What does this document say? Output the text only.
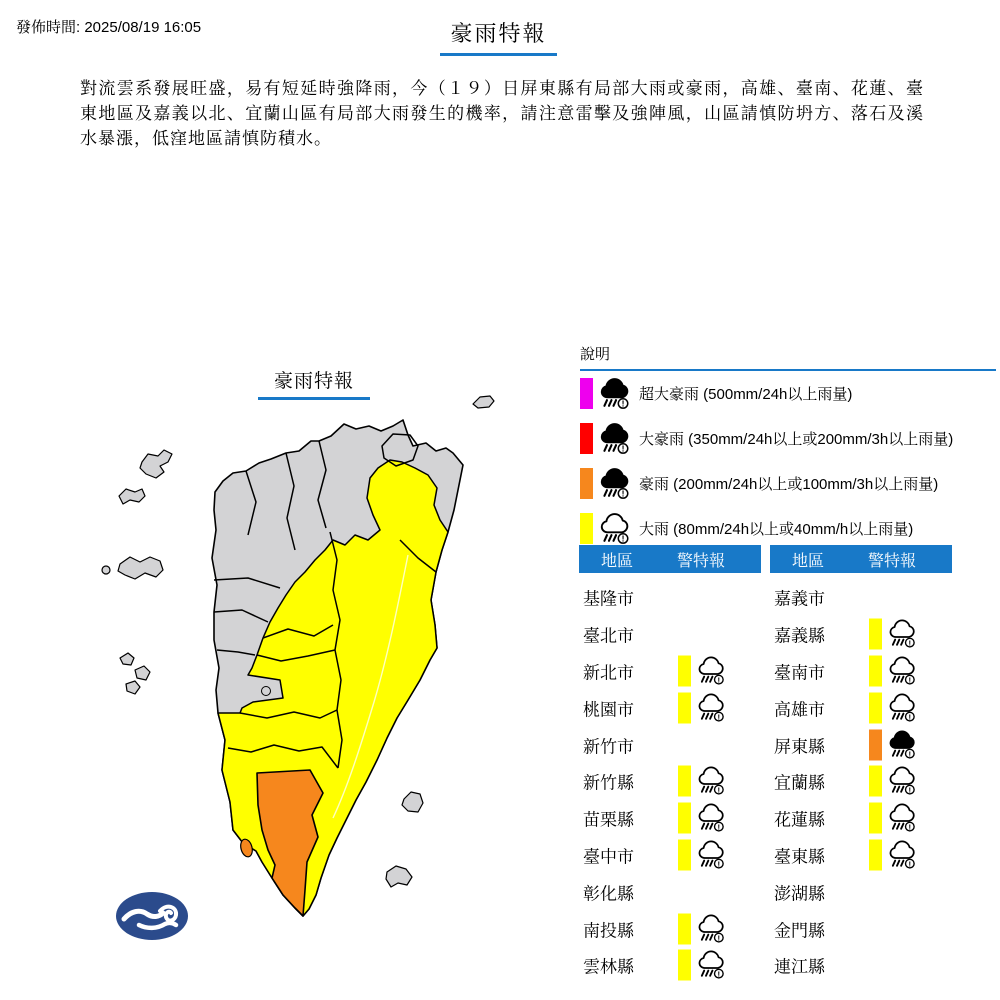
發佈時間: 2025/08/19 16:05	豪雨特報

對流雲系發展旺盛，易有短延時強降雨，今（１９）日屏東縣有局部大雨或豪雨，高雄、臺南、花蓮、臺東地區及嘉義以北、宜蘭山區有局部大雨發生的機率，請注意雷擊及強陣風，山區請慎防坍方、落石及溪水暴漲，低窪地區請慎防積水。

豪雨特報
說明
!
超大豪雨 (500mm/24h以上雨量)
!
大豪雨 (350mm/24h以上或200mm/3h以上雨量)
!
豪雨 (200mm/24h以上或100mm/3h以上雨量)
!
大雨 (80mm/24h以上或40mm/h以上雨量)
地區	警特報
基隆市
臺北市
新北市	!
桃園市	!
新竹市
新竹縣	!
苗栗縣	!
臺中市	!
彰化縣
南投縣	!
雲林縣	!
地區	警特報
嘉義市
嘉義縣	!
臺南市	!
高雄市	!
屏東縣	!
宜蘭縣	!
花蓮縣	!
臺東縣	!
澎湖縣
金門縣
連江縣
